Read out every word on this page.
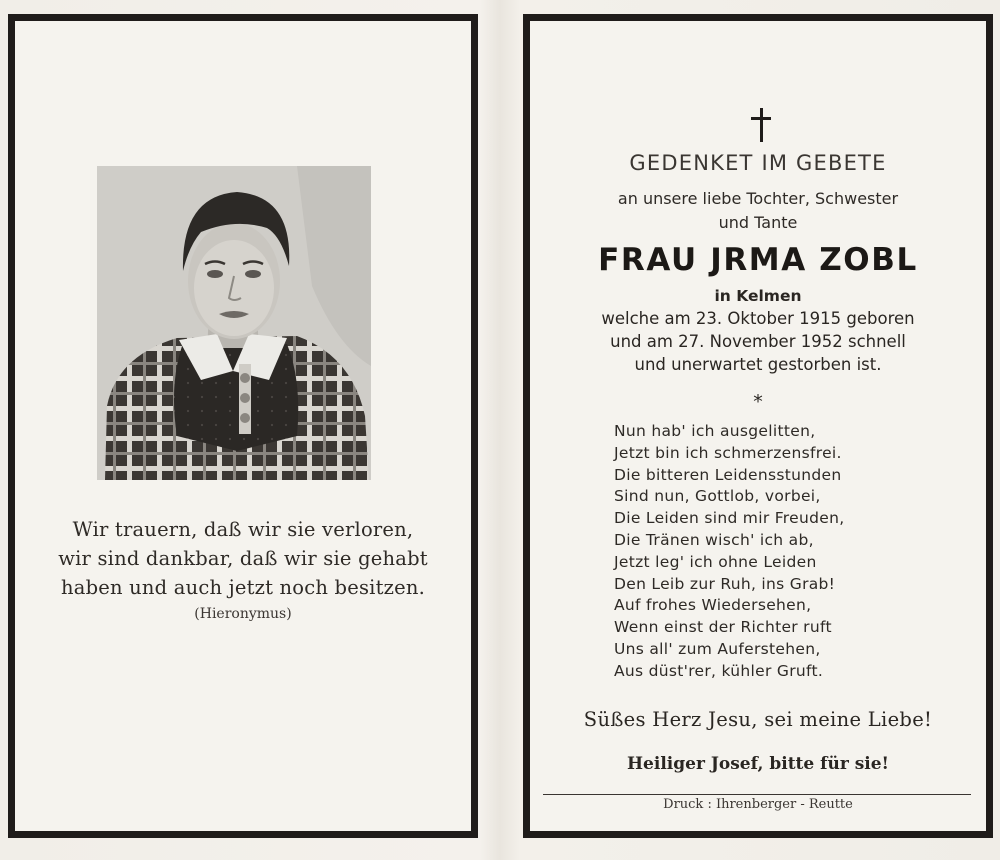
Wir trauern, daß wir sie verloren,
wir sind dankbar, daß wir sie gehabt
haben und auch jetzt noch besitzen.
(Hieronymus)
GEDENKET IM GEBETE
an unsere liebe Tochter, Schwester
und Tante
FRAU JRMA ZOBL
in Kelmen
welche am 23. Oktober 1915 geboren
und am 27. November 1952 schnell
und unerwartet gestorben ist.
*
Nun hab' ich ausgelitten,
Jetzt bin ich schmerzensfrei.
Die bitteren Leidensstunden
Sind nun, Gottlob, vorbei,
Die Leiden sind mir Freuden,
Die Tränen wisch' ich ab,
Jetzt leg' ich ohne Leiden
Den Leib zur Ruh, ins Grab!
Auf frohes Wiedersehen,
Wenn einst der Richter ruft
Uns all' zum Auferstehen,
Aus düst'rer, kühler Gruft.
Süßes Herz Jesu, sei meine Liebe!
Heiliger Josef, bitte für sie!
Druck : Ihrenberger - Reutte
